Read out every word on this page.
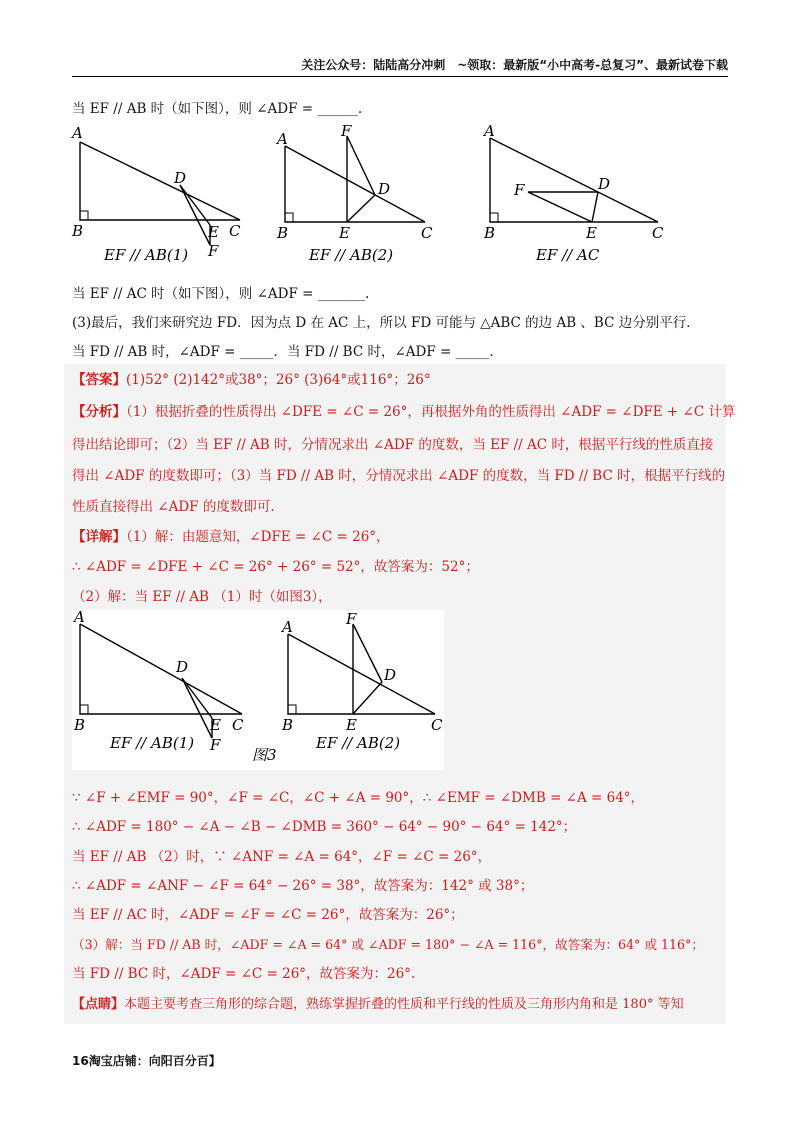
关注公众号：陆陆高分冲刺　~领取：最新版“小中高考-总复习”、最新试卷下载
当 EF // AB 时（如下图），则 ∠ADF = ______.
A
B	C
D
E
F
EF // AB(1)
A
B	C
D
E
F
EF // AB(2)
A
B	C
D
E
F
EF // AC
当 EF // AC 时（如下图），则 ∠ADF = _______.
(3)最后，我们来研究边 FD．因为点 D 在 AC 上，所以 FD 可能与 △ABC 的边 AB 、BC 边分别平行．
当 FD // AB 时，∠ADF = _____．当 FD // BC 时，∠ADF = _____．
【答案】(1)52° (2)142°或38°；26° (3)64°或116°；26°
【分析】（1）根据折叠的性质得出 ∠DFE = ∠C = 26°，再根据外角的性质得出 ∠ADF = ∠DFE + ∠C 计算
得出结论即可；（2）当 EF // AB 时，分情况求出 ∠ADF 的度数，当 EF // AC 时，根据平行线的性质直接
得出 ∠ADF 的度数即可；（3）当 FD // AB 时，分情况求出 ∠ADF 的度数，当 FD // BC 时，根据平行线的
性质直接得出 ∠ADF 的度数即可.
【详解】（1）解：由题意知，∠DFE = ∠C = 26°，
∴ ∠ADF = ∠DFE + ∠C = 26° + 26° = 52°，故答案为：52°；
（2）解：当 EF // AB （1）时（如图3），
A
B	C
D
E
F
EF // AB(1)
A
B	C
D
E
F
EF // AB(2)
图3
∵ ∠F + ∠EMF = 90°，∠F = ∠C，∠C + ∠A = 90°，∴ ∠EMF = ∠DMB = ∠A = 64°，
∴ ∠ADF = 180° − ∠A − ∠B − ∠DMB = 360° − 64° − 90° − 64° = 142°；
当 EF // AB （2）时，∵ ∠ANF = ∠A = 64°，∠F = ∠C = 26°，
∴ ∠ADF = ∠ANF − ∠F = 64° − 26° = 38°，故答案为：142° 或 38°；
当 EF // AC 时，∠ADF = ∠F = ∠C = 26°，故答案为：26°；
（3）解：当 FD // AB 时，∠ADF = ∠A = 64° 或 ∠ADF = 180° − ∠A = 116°，故答案为：64° 或 116°；
当 FD // BC 时，∠ADF = ∠C = 26°，故答案为：26°.
【点睛】本题主要考查三角形的综合题，熟练掌握折叠的性质和平行线的性质及三角形内角和是 180° 等知
16淘宝店铺：向阳百分百】
